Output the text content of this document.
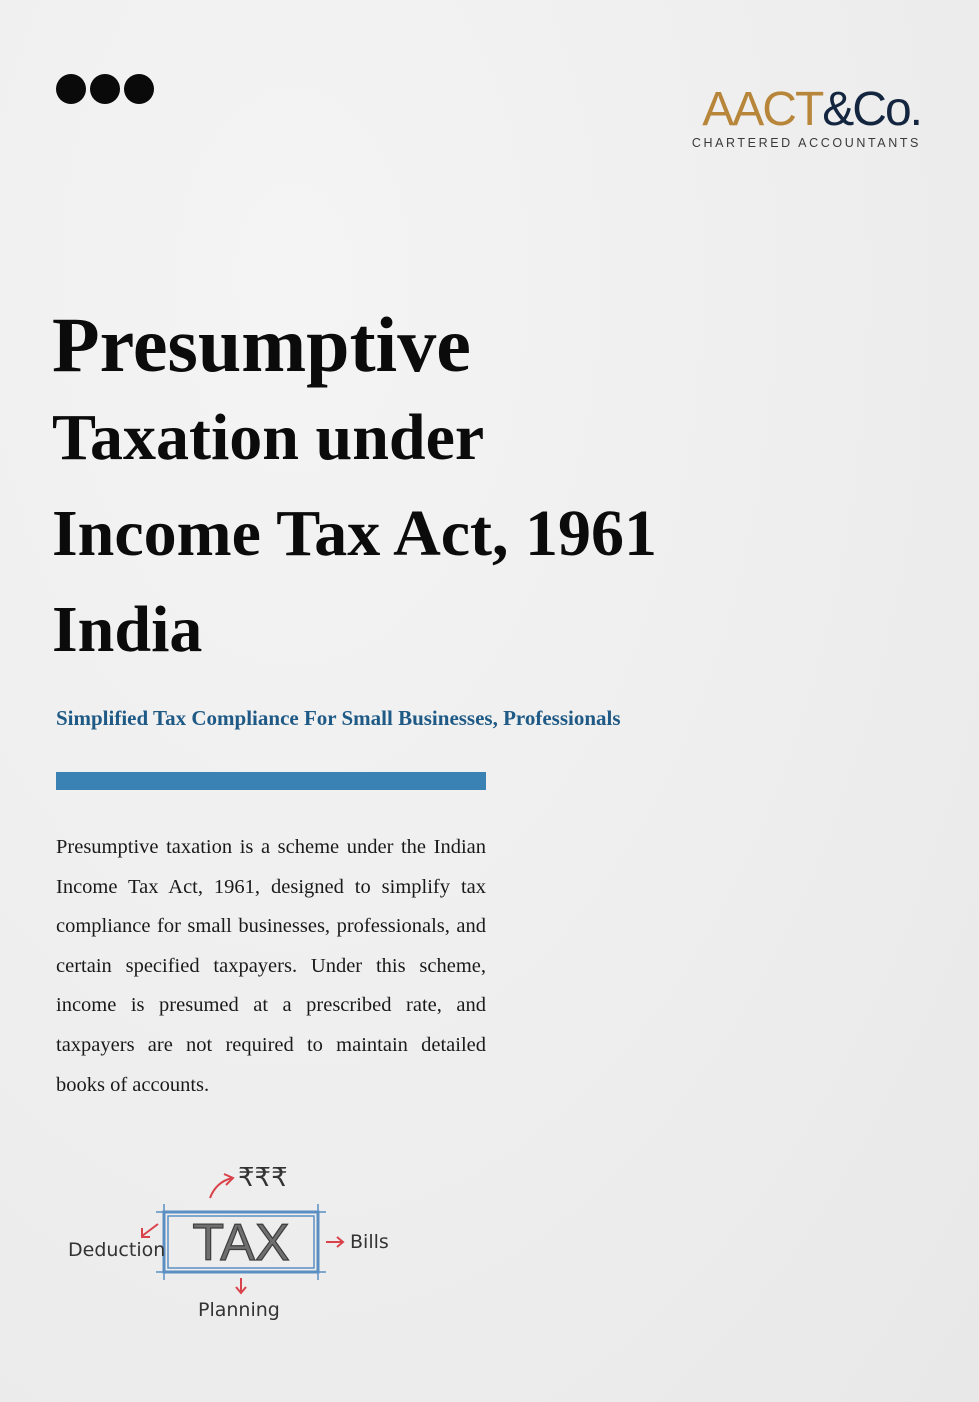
AACT&Co.
CHARTERED ACCOUNTANTS
Presumptive
Taxation under
Income Tax Act, 1961
India
Simplified Tax Compliance For Small Businesses, Professionals

Presumptive taxation is a scheme under the Indian Income Tax Act, 1961, designed to simplify tax compliance for small businesses, professionals, and certain specified taxpayers. Under this scheme, income is presumed at a prescribed rate, and taxpayers are not required to maintain detailed books of accounts.

TAX
₹₹₹
Deduction	Bills
Planning
